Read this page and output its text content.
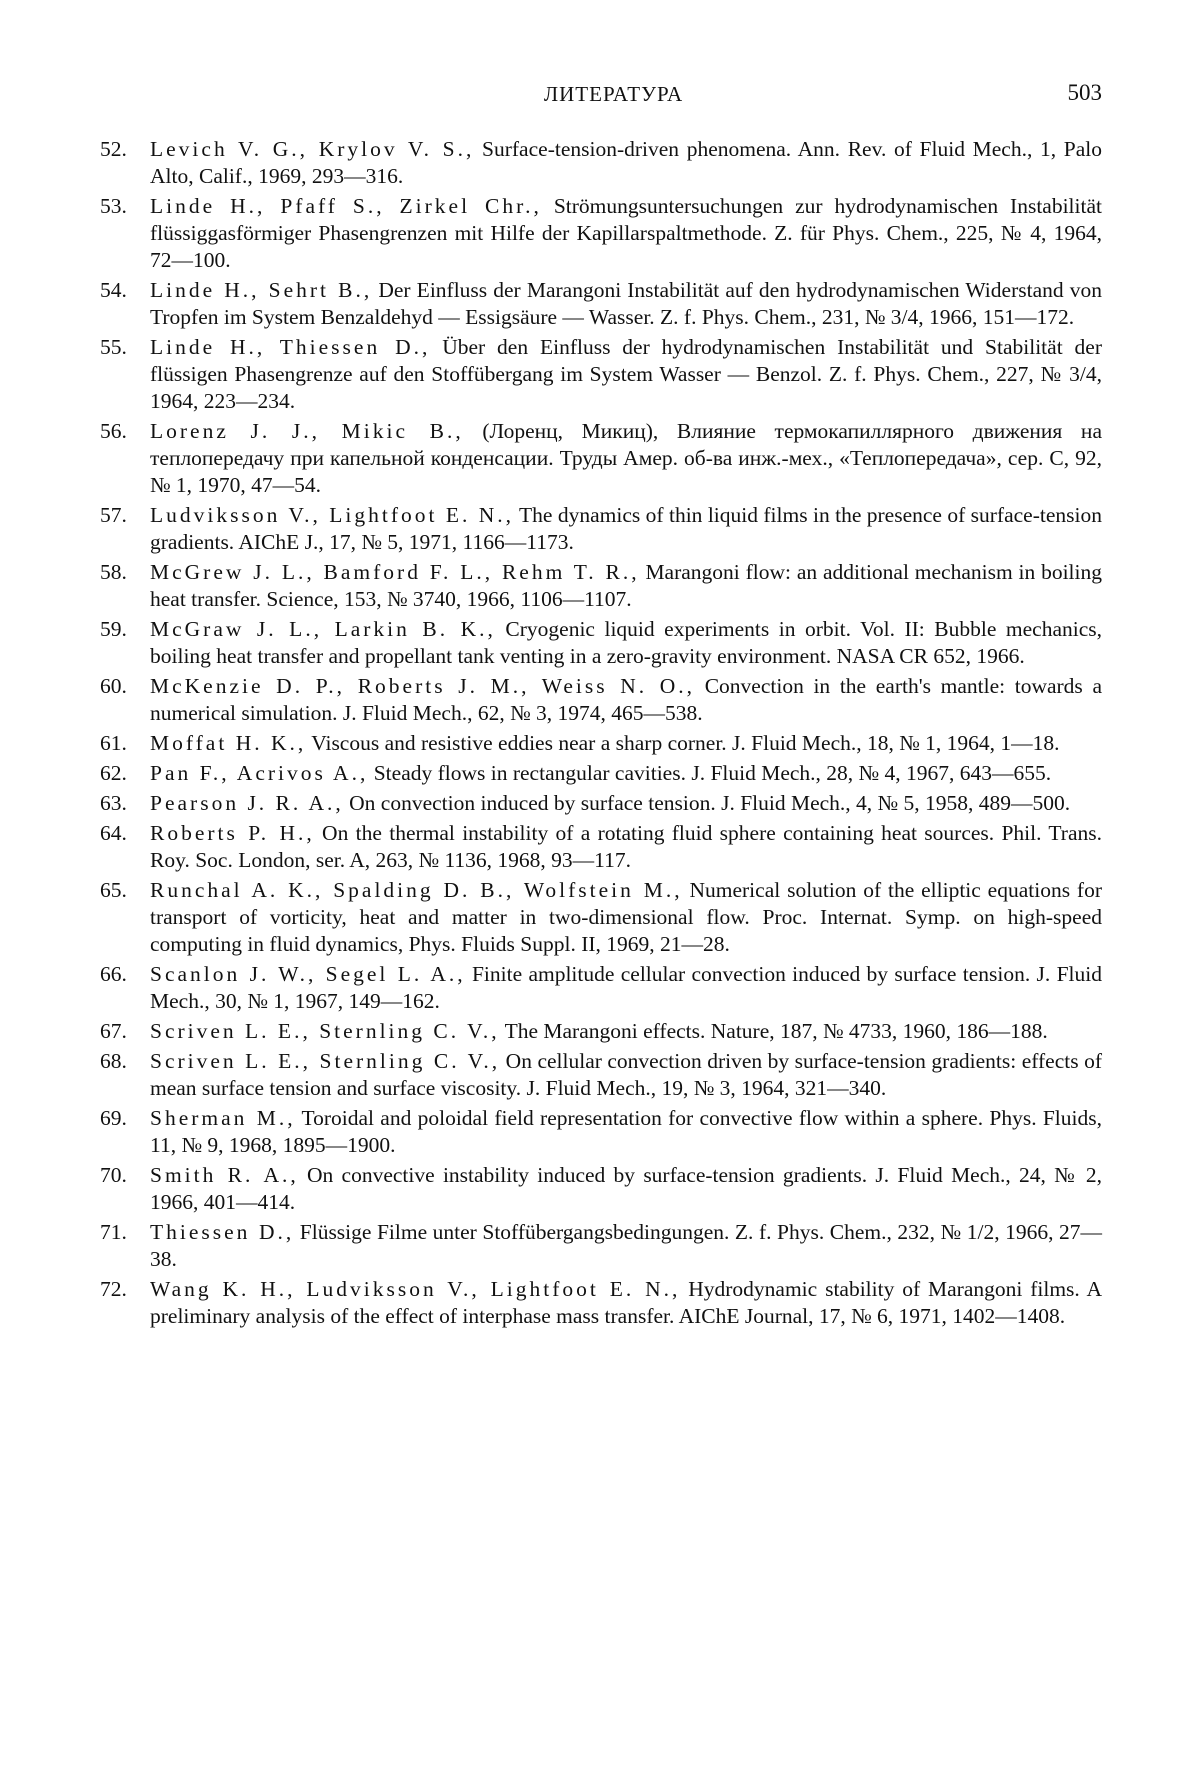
ЛИТЕРАТУРА	503
52.	Levich V. G., Krylov V. S., Surface-tension-driven phenomena. Ann. Rev. of Fluid Mech., 1, Palo Alto, Calif., 1969, 293—316.
53.	Linde H., Pfaff S., Zirkel Chr., Strömungsuntersuchungen zur hydrodynamischen Instabilität flüssiggasförmiger Phasengrenzen mit Hilfe der Kapillarspaltmethode. Z. für Phys. Chem., 225, № 4, 1964, 72—100.
54.	Linde H., Sehrt B., Der Einfluss der Marangoni Instabilität auf den hydrodynamischen Widerstand von Tropfen im System Benzaldehyd — Essigsäure — Wasser. Z. f. Phys. Chem., 231, № 3/4, 1966, 151—172.
55.	Linde H., Thiessen D., Über den Einfluss der hydrodynamischen Instabilität und Stabilität der flüssigen Phasengrenze auf den Stoffübergang im System Wasser — Benzol. Z. f. Phys. Chem., 227, № 3/4, 1964, 223—234.
56.	Lorenz J. J., Mikic B., (Лоренц, Микиц), Влияние термокапиллярного движения на теплопередачу при капельной конденсации. Труды Амер. об-ва инж.-мех., «Теплопередача», сер. С, 92, № 1, 1970, 47—54.
57.	Ludviksson V., Lightfoot E. N., The dynamics of thin liquid films in the presence of surface-tension gradients. AIChE J., 17, № 5, 1971, 1166—1173.
58.	McGrew J. L., Bamford F. L., Rehm T. R., Marangoni flow: an additional mechanism in boiling heat transfer. Science, 153, № 3740, 1966, 1106—1107.
59.	McGraw J. L., Larkin B. K., Cryogenic liquid experiments in orbit. Vol. II: Bubble mechanics, boiling heat transfer and propellant tank venting in a zero-gravity environment. NASA CR 652, 1966.
60.	McKenzie D. P., Roberts J. M., Weiss N. O., Convection in the earth's mantle: towards a numerical simulation. J. Fluid Mech., 62, № 3, 1974, 465—538.
61.	Moffat H. K., Viscous and resistive eddies near a sharp corner. J. Fluid Mech., 18, № 1, 1964, 1—18.
62.	Pan F., Acrivos A., Steady flows in rectangular cavities. J. Fluid Mech., 28, № 4, 1967, 643—655.
63.	Pearson J. R. A., On convection induced by surface tension. J. Fluid Mech., 4, № 5, 1958, 489—500.
64.	Roberts P. H., On the thermal instability of a rotating fluid sphere containing heat sources. Phil. Trans. Roy. Soc. London, ser. A, 263, № 1136, 1968, 93—117.
65.	Runchal A. K., Spalding D. B., Wolfstein M., Numerical solution of the elliptic equations for transport of vorticity, heat and matter in two-dimensional flow. Proc. Internat. Symp. on high-speed computing in fluid dynamics, Phys. Fluids Suppl. II, 1969, 21—28.
66.	Scanlon J. W., Segel L. A., Finite amplitude cellular convection induced by surface tension. J. Fluid Mech., 30, № 1, 1967, 149—162.
67.	Scriven L. E., Sternling C. V., The Marangoni effects. Nature, 187, № 4733, 1960, 186—188.
68.	Scriven L. E., Sternling C. V., On cellular convection driven by surface-tension gradients: effects of mean surface tension and surface viscosity. J. Fluid Mech., 19, № 3, 1964, 321—340.
69.	Sherman M., Toroidal and poloidal field representation for convective flow within a sphere. Phys. Fluids, 11, № 9, 1968, 1895—1900.
70.	Smith R. A., On convective instability induced by surface-tension gradients. J. Fluid Mech., 24, № 2, 1966, 401—414.
71.	Thiessen D., Flüssige Filme unter Stoffübergangsbedingungen. Z. f. Phys. Chem., 232, № 1/2, 1966, 27—38.
72.	Wang K. H., Ludviksson V., Lightfoot E. N., Hydrodynamic stability of Marangoni films. A preliminary analysis of the effect of interphase mass transfer. AIChE Journal, 17, № 6, 1971, 1402—1408.
